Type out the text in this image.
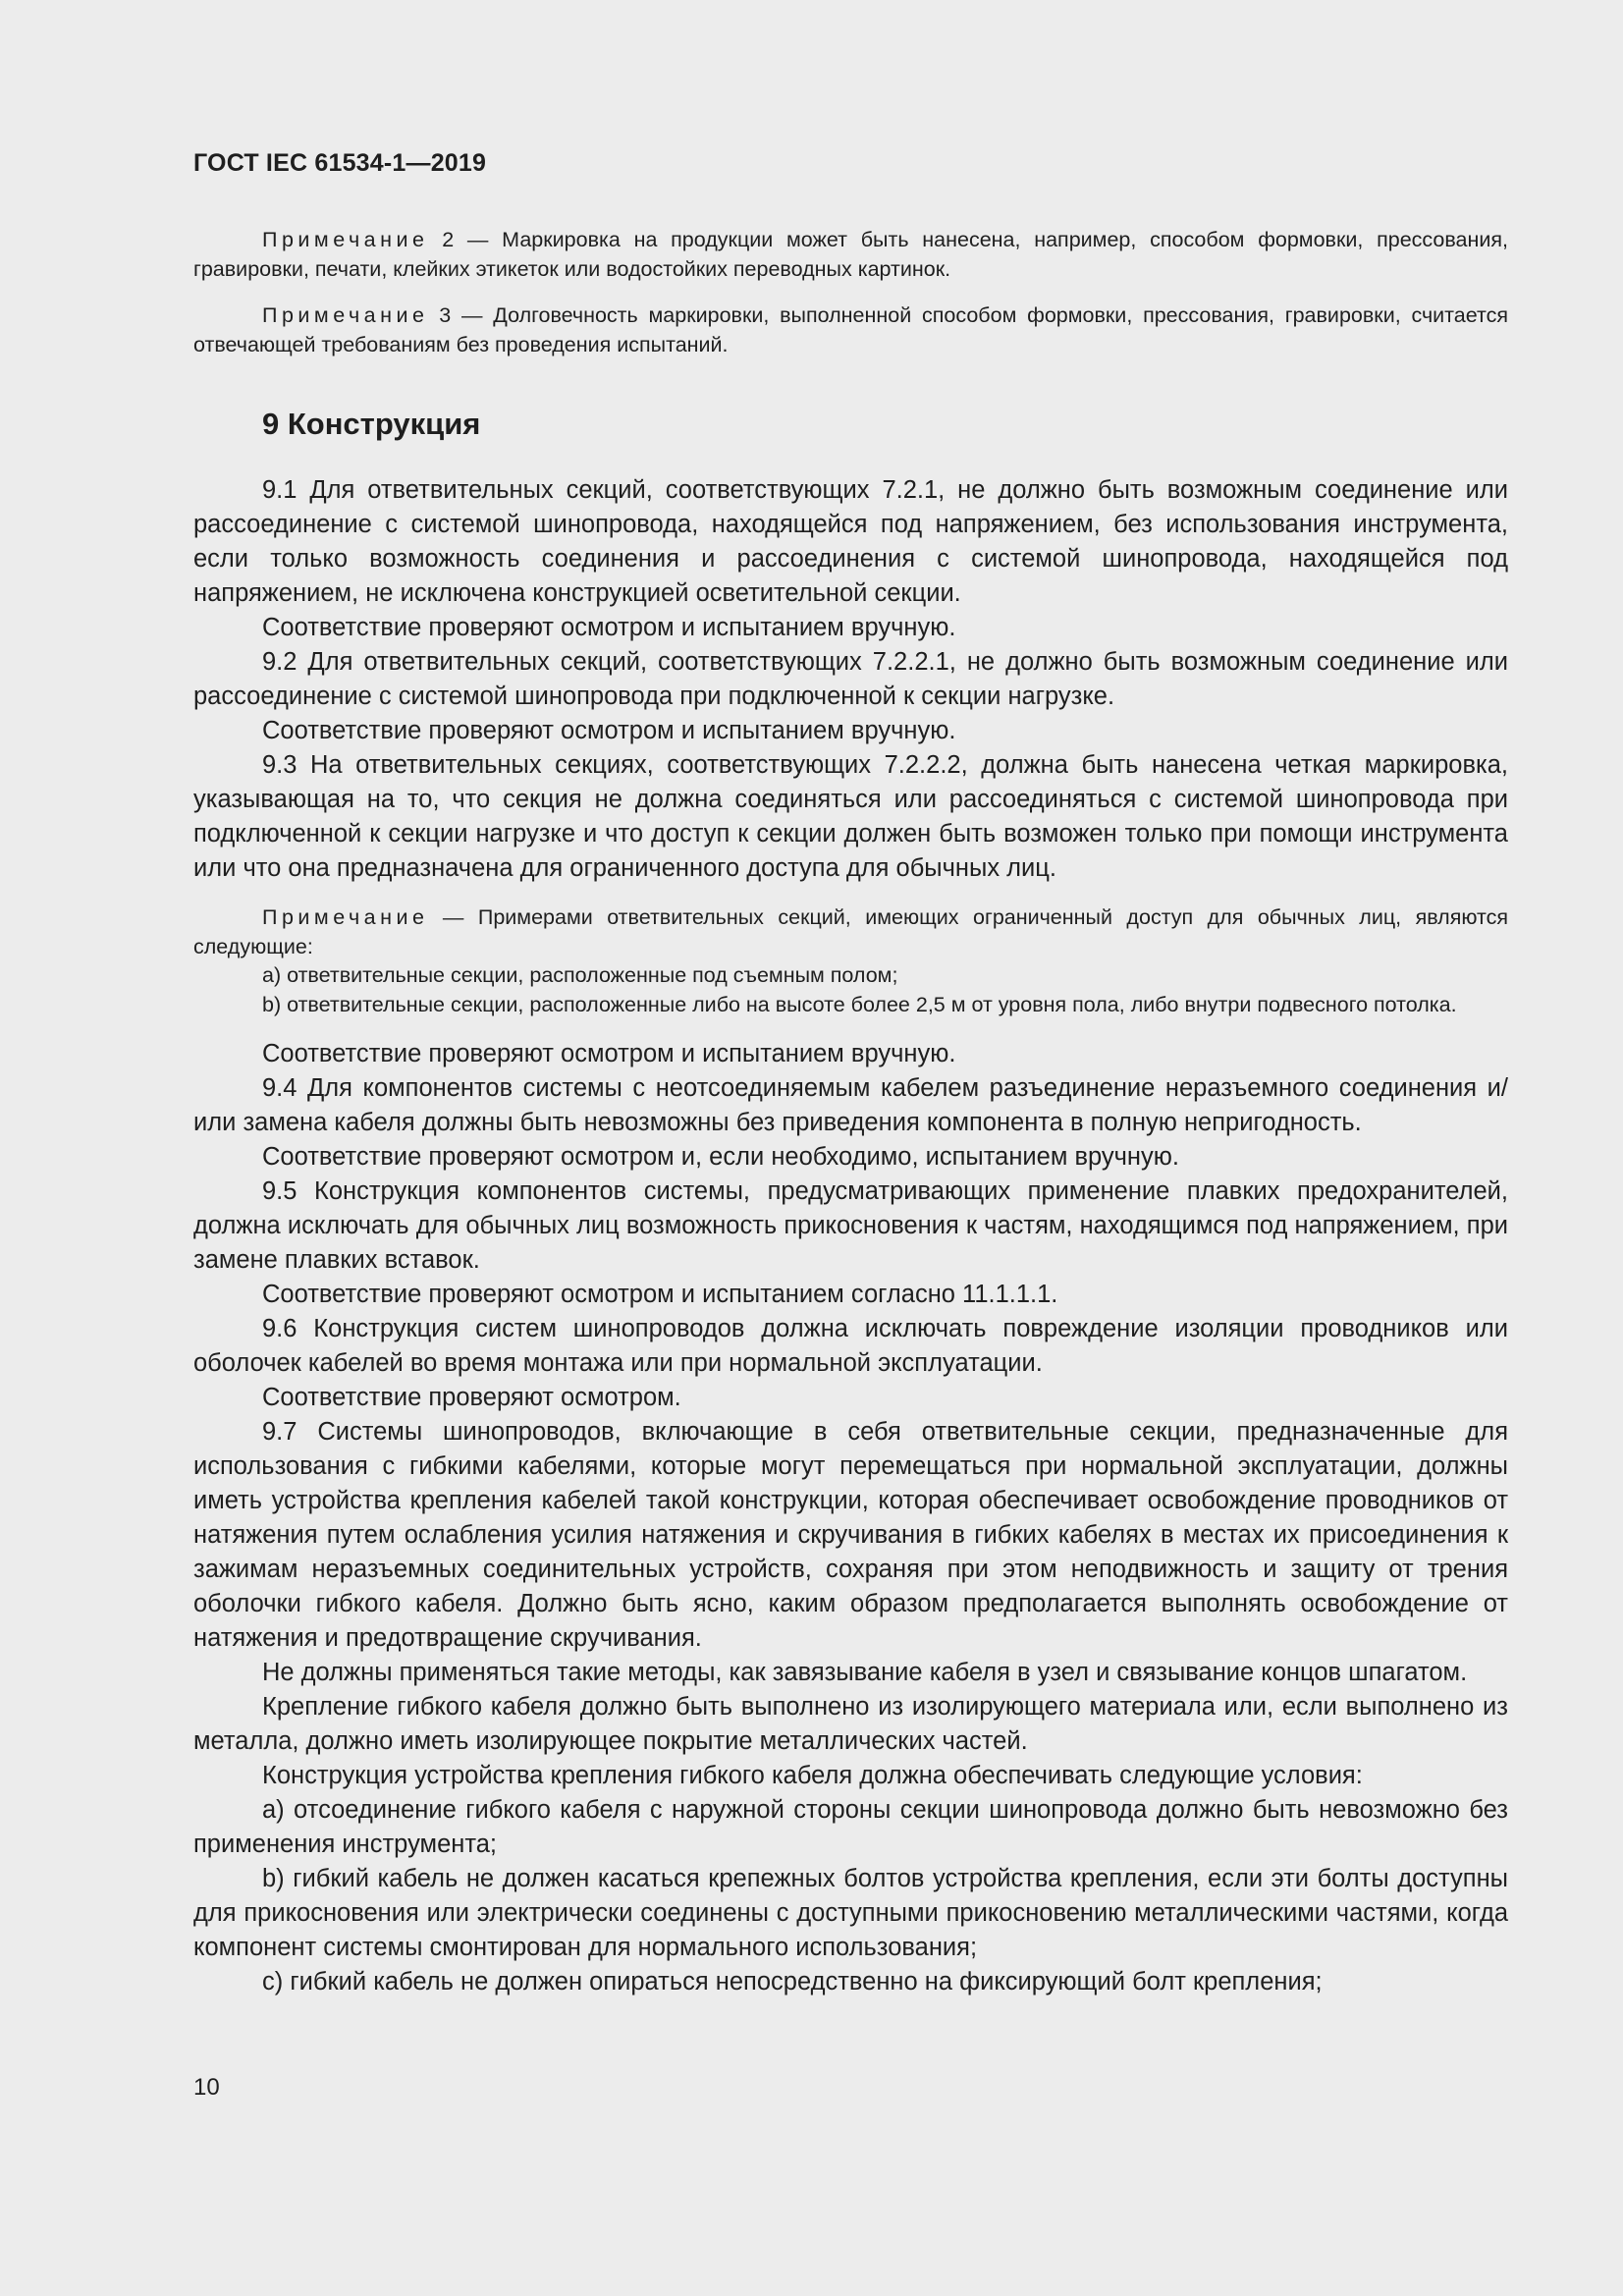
ГОСТ IEC 61534-1—2019

Примечание 2 — Маркировка на продукции может быть нанесена, например, способом формовки, прессования, гравировки, печати, клейких этикеток или водостойких переводных картинок.

Примечание 3 — Долговечность маркировки, выполненной способом формовки, прессования, гравировки, считается отвечающей требованиям без проведения испытаний.

9 Конструкция

9.1 Для ответвительных секций, соответствующих 7.2.1, не должно быть возможным соединение или рассоединение с системой шинопровода, находящейся под напряжением, без использования инструмента, если только возможность соединения и рассоединения с системой шинопровода, находящейся под напряжением, не исключена конструкцией осветительной секции.

Соответствие проверяют осмотром и испытанием вручную.

9.2 Для ответвительных секций, соответствующих 7.2.2.1, не должно быть возможным соединение или рассоединение с системой шинопровода при подключенной к секции нагрузке.

Соответствие проверяют осмотром и испытанием вручную.

9.3 На ответвительных секциях, соответствующих 7.2.2.2, должна быть нанесена четкая маркировка, указывающая на то, что секция не должна соединяться или рассоединяться с системой шинопровода при подключенной к секции нагрузке и что доступ к секции должен быть возможен только при помощи инструмента или что она предназначена для ограниченного доступа для обычных лиц.

Примечание — Примерами ответвительных секций, имеющих ограниченный доступ для обычных лиц, являются следующие:

a) ответвительные секции, расположенные под съемным полом;

b) ответвительные секции, расположенные либо на высоте более 2,5 м от уровня пола, либо внутри подвесного потолка.

Соответствие проверяют осмотром и испытанием вручную.

9.4 Для компонентов системы с неотсоединяемым кабелем разъединение неразъемного соединения и/или замена кабеля должны быть невозможны без приведения компонента в полную непригодность.

Соответствие проверяют осмотром и, если необходимо, испытанием вручную.

9.5 Конструкция компонентов системы, предусматривающих применение плавких предохранителей, должна исключать для обычных лиц возможность прикосновения к частям, находящимся под напряжением, при замене плавких вставок.

Соответствие проверяют осмотром и испытанием согласно 11.1.1.1.

9.6 Конструкция систем шинопроводов должна исключать повреждение изоляции проводников или оболочек кабелей во время монтажа или при нормальной эксплуатации.

Соответствие проверяют осмотром.

9.7 Системы шинопроводов, включающие в себя ответвительные секции, предназначенные для использования с гибкими кабелями, которые могут перемещаться при нормальной эксплуатации, должны иметь устройства крепления кабелей такой конструкции, которая обеспечивает освобождение проводников от натяжения путем ослабления усилия натяжения и скручивания в гибких кабелях в местах их присоединения к зажимам неразъемных соединительных устройств, сохраняя при этом неподвижность и защиту от трения оболочки гибкого кабеля. Должно быть ясно, каким образом предполагается выполнять освобождение от натяжения и предотвращение скручивания.

Не должны применяться такие методы, как завязывание кабеля в узел и связывание концов шпагатом.

Крепление гибкого кабеля должно быть выполнено из изолирующего материала или, если выполнено из металла, должно иметь изолирующее покрытие металлических частей.

Конструкция устройства крепления гибкого кабеля должна обеспечивать следующие условия:

a) отсоединение гибкого кабеля с наружной стороны секции шинопровода должно быть невозможно без применения инструмента;

b) гибкий кабель не должен касаться крепежных болтов устройства крепления, если эти болты доступны для прикосновения или электрически соединены с доступными прикосновению металлическими частями, когда компонент системы смонтирован для нормального использования;

c) гибкий кабель не должен опираться непосредственно на фиксирующий болт крепления;

10
